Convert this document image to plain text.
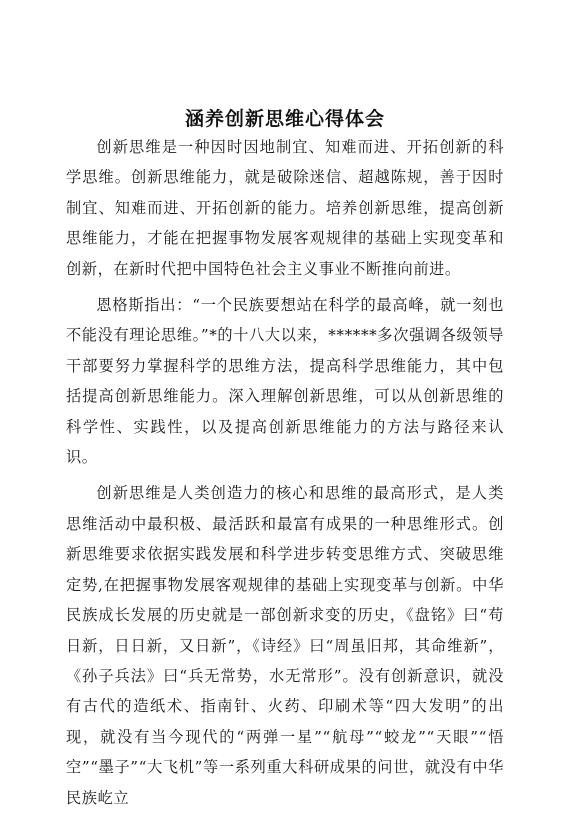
涵养创新思维心得体会

创新思维是一种因时因地制宜、知难而进、开拓创新的科学思维。创新思维能力，就是破除迷信、超越陈规，善于因时制宜、知难而进、开拓创新的能力。培养创新思维，提高创新思维能力，才能在把握事物发展客观规律的基础上实现变革和创新，在新时代把中国特色社会主义事业不断推向前进。

恩格斯指出：“一个民族要想站在科学的最高峰，就一刻也不能没有理论思维。”*的十八大以来，******多次强调各级领导干部要努力掌握科学的思维方法，提高科学思维能力，其中包括提高创新思维能力。深入理解创新思维，可以从创新思维的科学性、实践性，以及提高创新思维能力的方法与路径来认识。

创新思维是人类创造力的核心和思维的最高形式，是人类思维活动中最积极、最活跃和最富有成果的一种思维形式。创新思维要求依据实践发展和科学进步转变思维方式、突破思维定势,在把握事物发展客观规律的基础上实现变革与创新。中华民族成长发展的历史就是一部创新求变的历史，《盘铭》曰“苟日新，日日新，又日新”，《诗经》曰“周虽旧邦，其命维新”，《孙子兵法》曰“兵无常势，水无常形”。没有创新意识，就没有古代的造纸术、指南针、火药、印刷术等“四大发明”的出现，就没有当今现代的“两弹一星”“航母”“蛟龙”“天眼”“悟空”“墨子”“大飞机”等一系列重大科研成果的问世，就没有中华民族屹立
